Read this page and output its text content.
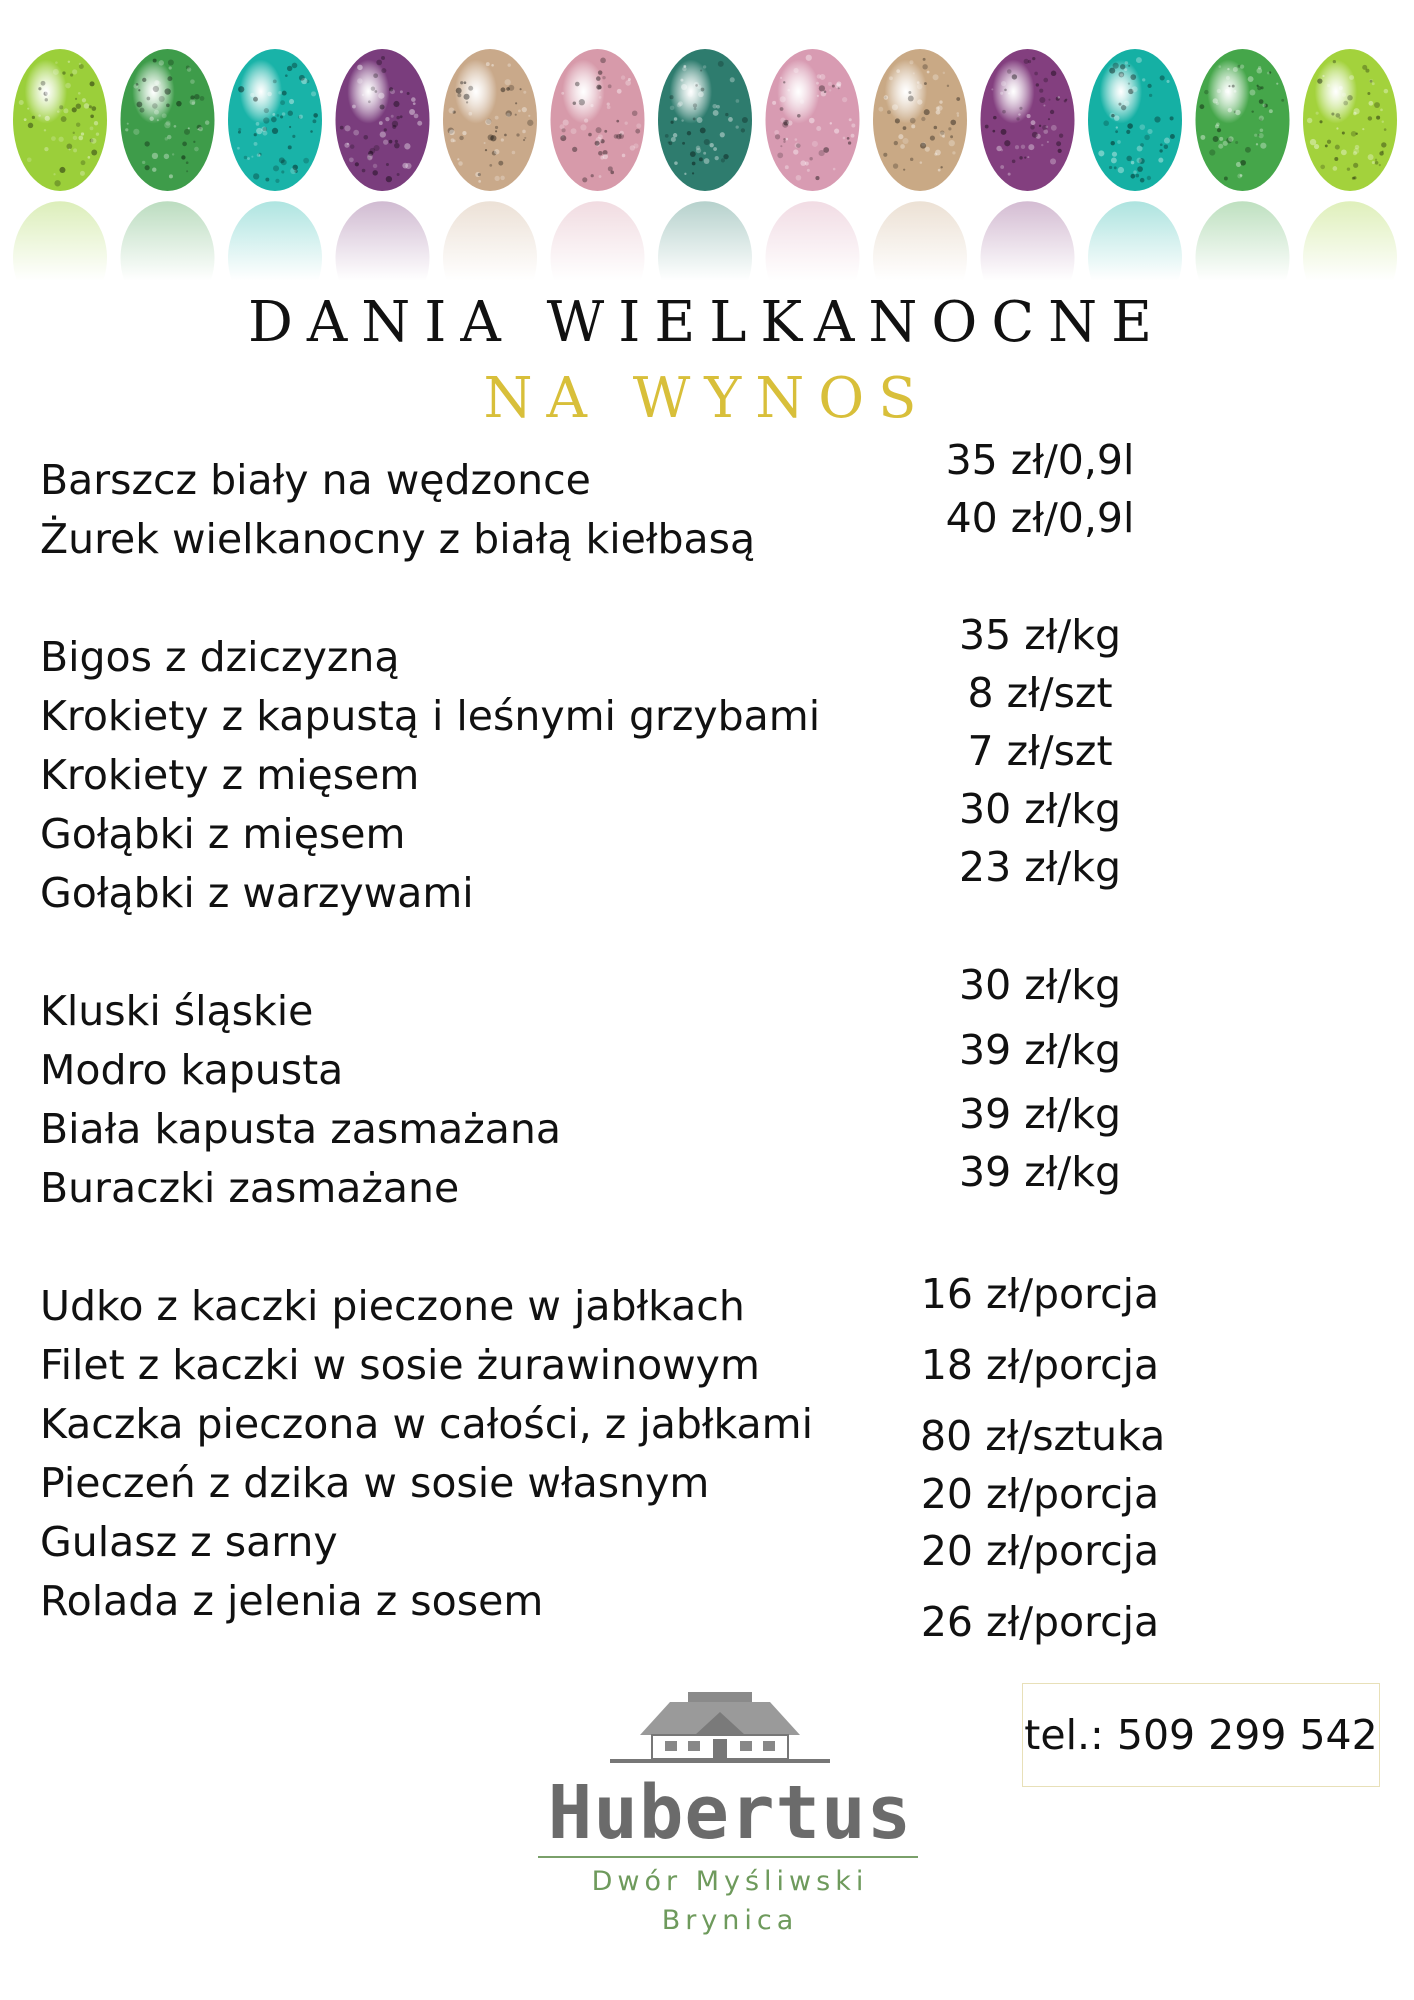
DANIA WIELKANOCNE
NA WYNOS
Barszcz biały na wędzonce
Żurek wielkanocny z białą kiełbasą
Bigos z dziczyzną
Krokiety z kapustą i leśnymi grzybami
Krokiety z mięsem
Gołąbki z mięsem
Gołąbki z warzywami
Kluski śląskie
Modro kapusta
Biała kapusta zasmażana
Buraczki zasmażane
Udko z kaczki pieczone w jabłkach
Filet z kaczki w sosie żurawinowym
Kaczka pieczona w całości, z jabłkami
Pieczeń z dzika w sosie własnym
Gulasz z sarny
Rolada z jelenia z sosem
35 zł/0,9l
40 zł/0,9l
35 zł/kg
8 zł/szt
7 zł/szt
30 zł/kg
23 zł/kg
30 zł/kg
39 zł/kg
39 zł/kg
39 zł/kg
16 zł/porcja
18 zł/porcja
80 zł/sztuka
20 zł/porcja
20 zł/porcja
26 zł/porcja
tel.: 509 299 542
Hubertus
Dwór Myśliwski
Brynica
